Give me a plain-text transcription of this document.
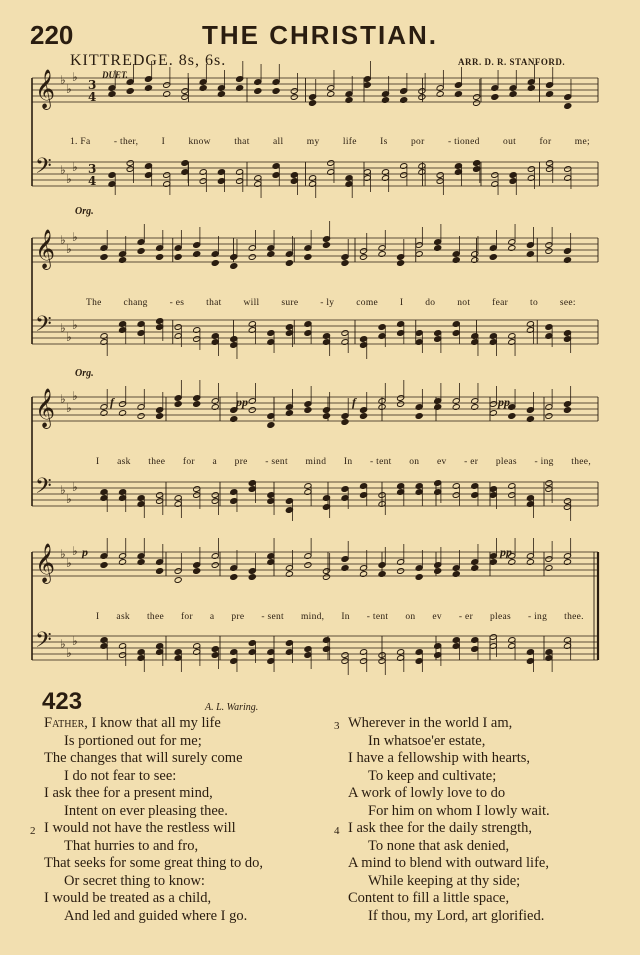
220	THE CHRISTIAN.
KITTREDGE. 8s, 6s.	ARR. D. R. STANFORD.
𝄞 ♭
♭
♭
𝄢 ♭
♭
♭
𝄞 ♭
♭
♭
𝄢 ♭
♭
♭
𝄞 ♭
♭
♭
𝄢 ♭
♭
♭
𝄞 ♭
♭
♭
𝄢 ♭
♭
♭
3
4
3
4
DUET.
Org.
Org.
f	pp	f	pp
p	pp
1. Fa - ther, I know that all my life Is por - tioned out for me;
The chang - es that will sure - ly come I do not fear to see:
I ask thee for a pre - sent mind In - tent on ev - er pleas - ing thee,
I ask thee for a pre - sent mind, In - tent on ev - er pleas - ing thee.
423	A. L. Waring.
Father, I know that all my life
Is portioned out for me;
The changes that will surely come
I do not fear to see:
I ask thee for a present mind,
Intent on ever pleasing thee.
2 I would not have the restless will
That hurries to and fro,
That seeks for some great thing to do,
Or secret thing to know:
I would be treated as a child,
And led and guided where I go.
3 Wherever in the world I am,
In whatsoe'er estate,
I have a fellowship with hearts,
To keep and cultivate;
A work of lowly love to do
For him on whom I lowly wait.
4 I ask thee for the daily strength,
To none that ask denied,
A mind to blend with outward life,
While keeping at thy side;
Content to fill a little space,
If thou, my Lord, art glorified.
